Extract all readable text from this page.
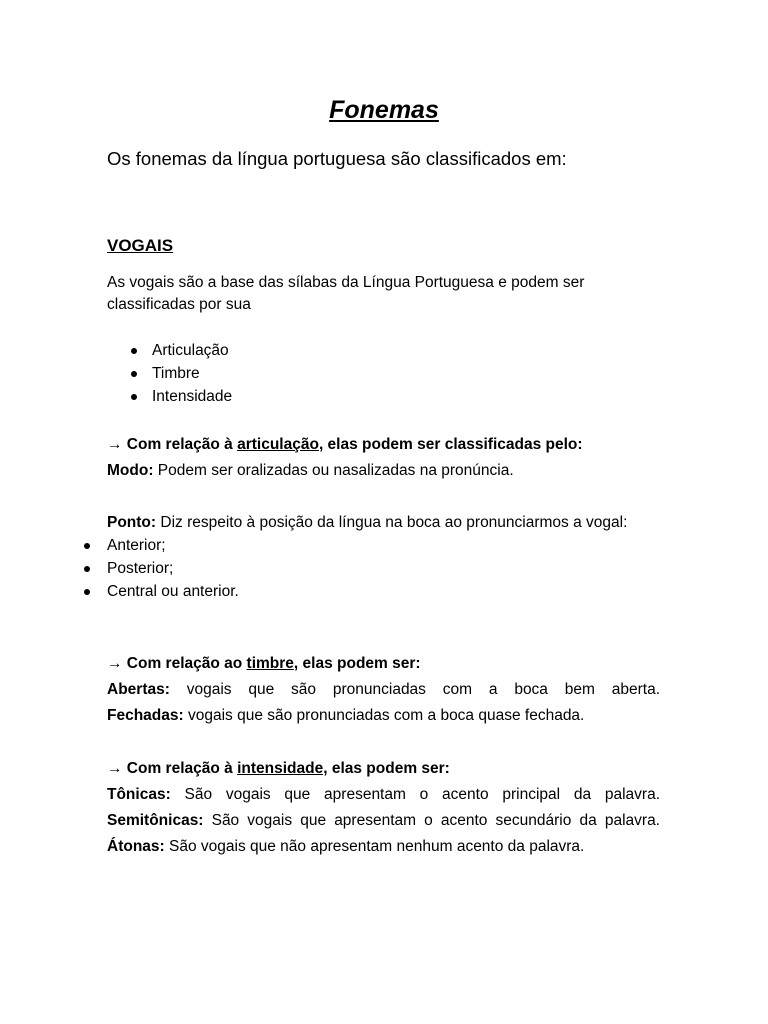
Fonemas
Os fonemas da língua portuguesa são classificados em:
VOGAIS
As vogais são a base das sílabas da Língua Portuguesa e podem ser
classificadas por sua
Articulação
Timbre
Intensidade
→ Com relação à articulação, elas podem ser classificadas pelo:
Modo: Podem ser oralizadas ou nasalizadas na pronúncia.
Ponto: Diz respeito à posição da língua na boca ao pronunciarmos a vogal:
Anterior;
Posterior;
Central ou anterior.
→ Com relação ao timbre, elas podem ser:
Abertas: vogais que são pronunciadas com a boca bem aberta.
Fechadas: vogais que são pronunciadas com a boca quase fechada.
→ Com relação à intensidade, elas podem ser:
Tônicas: São vogais que apresentam o acento principal da palavra.
Semitônicas: São vogais que apresentam o acento secundário da palavra.
Átonas: São vogais que não apresentam nenhum acento da palavra.
